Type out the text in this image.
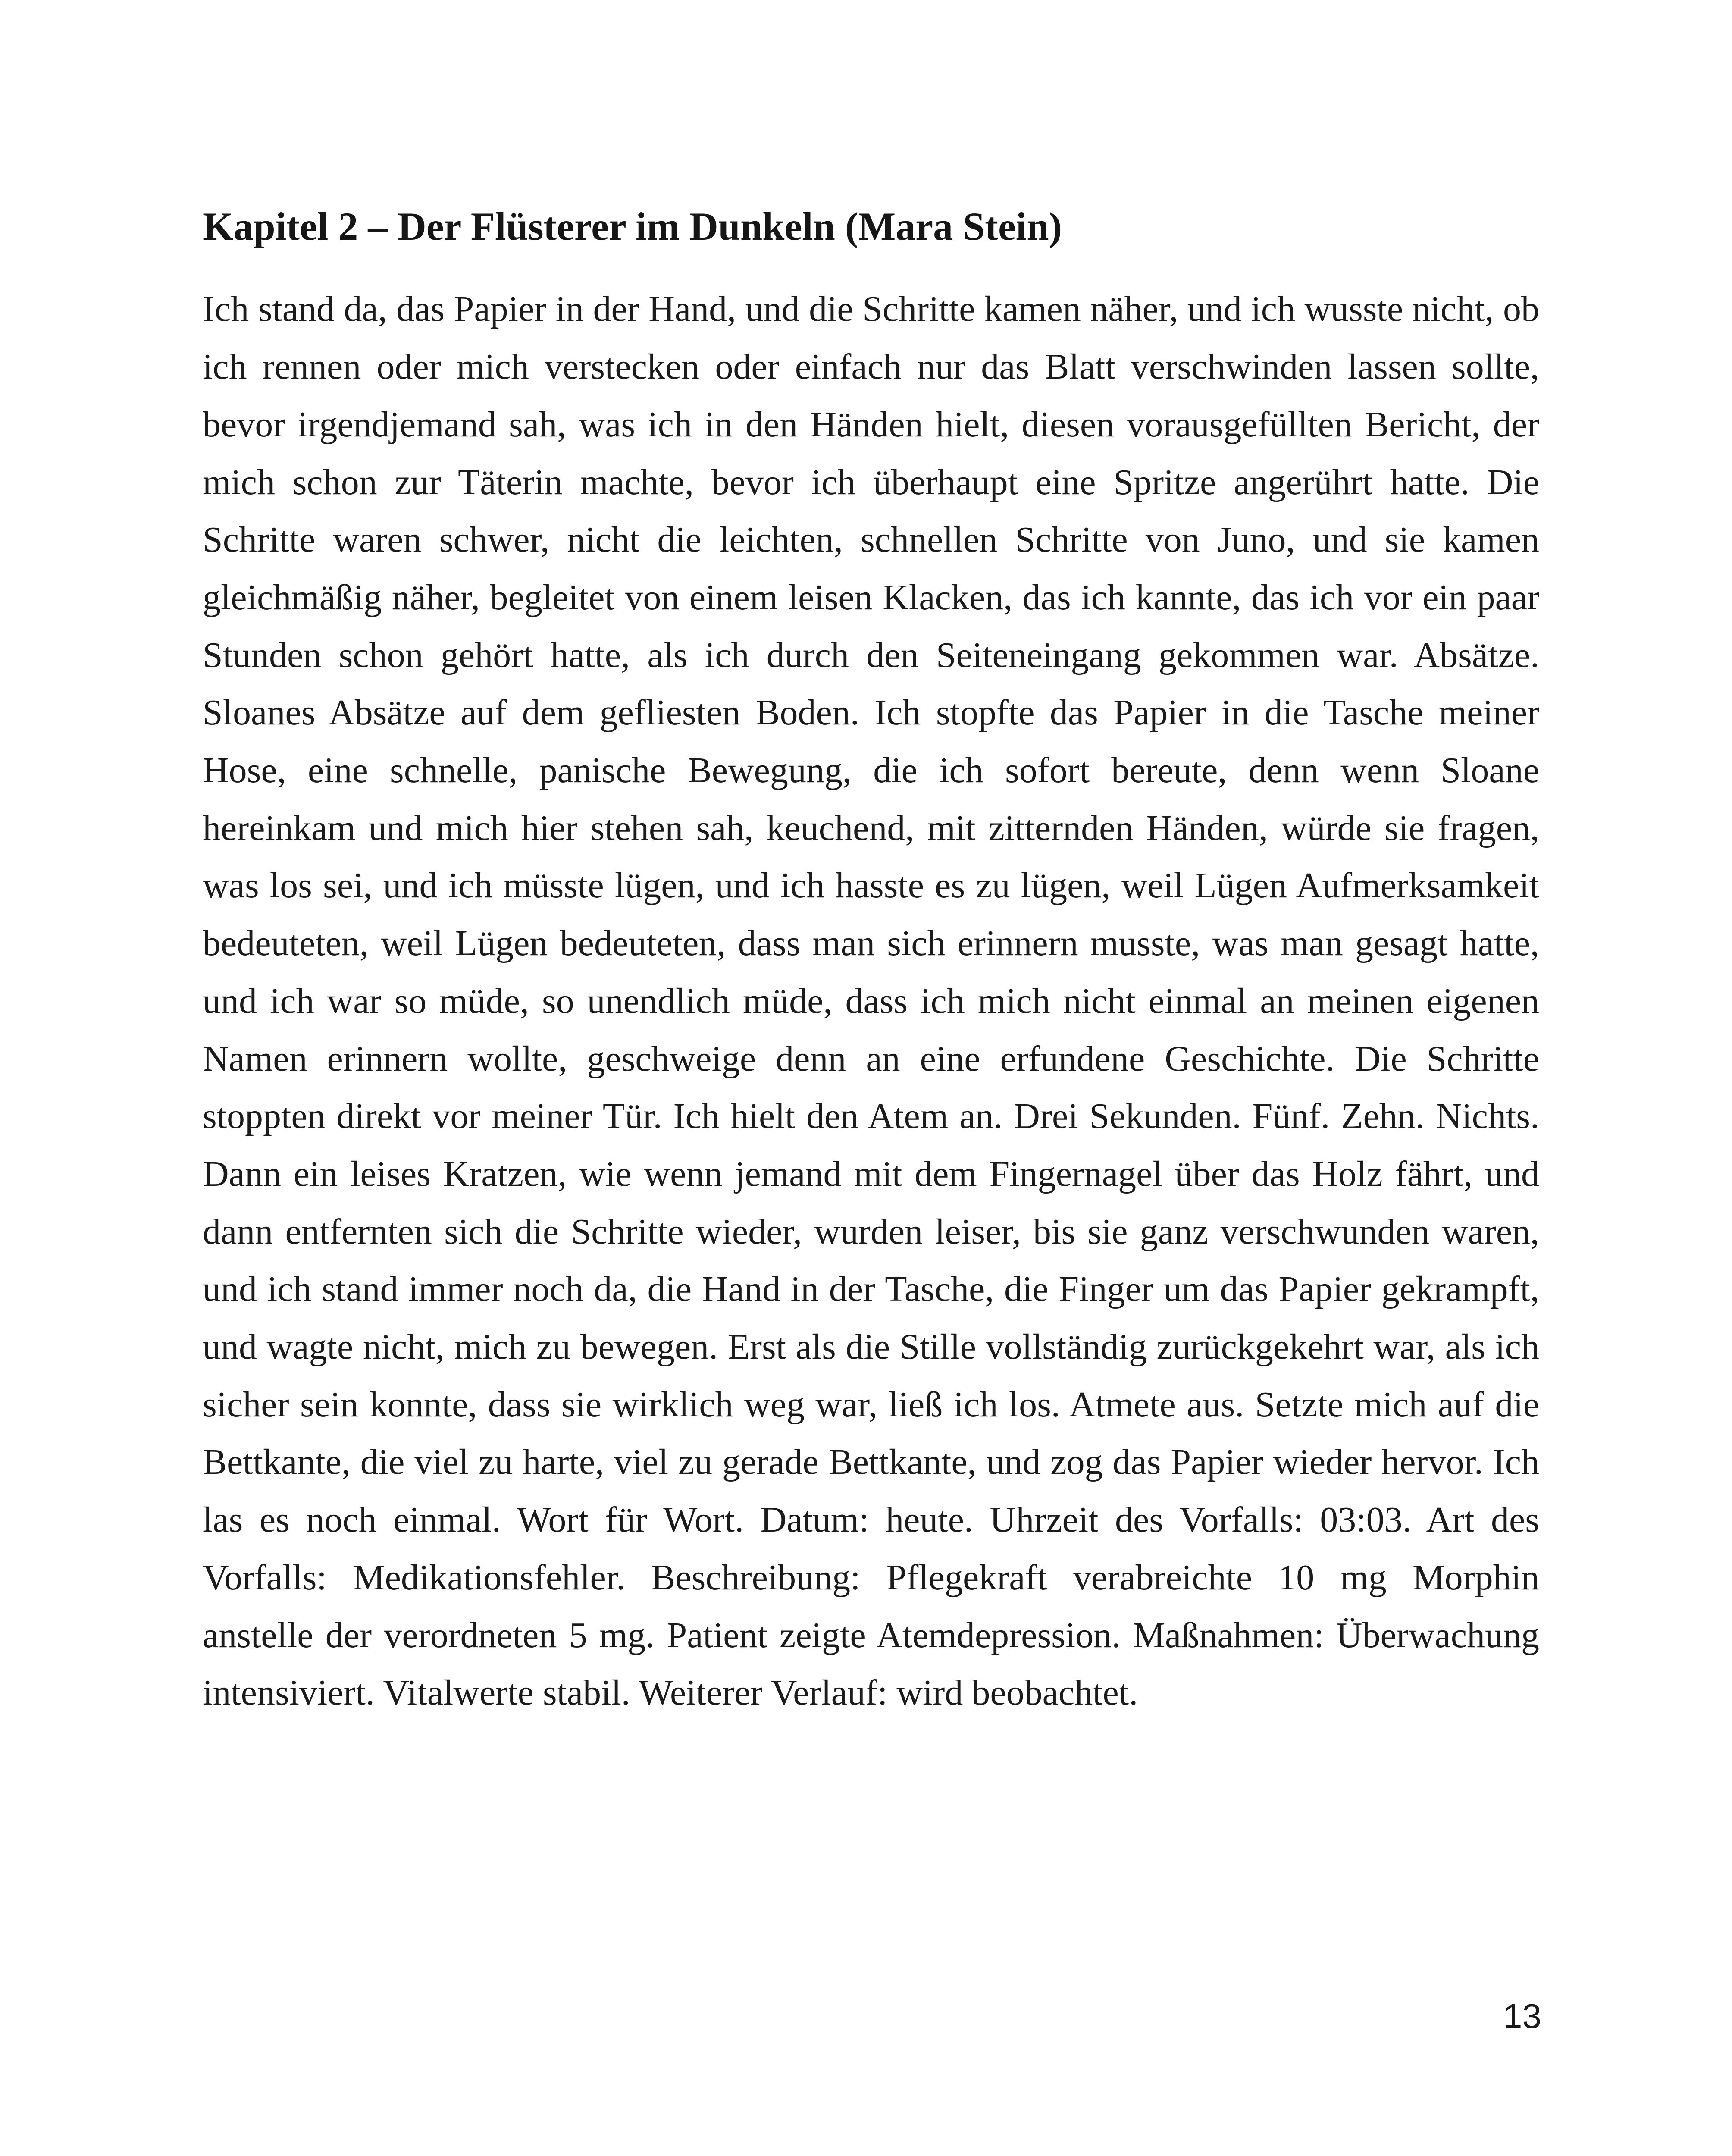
Kapitel 2 – Der Flüsterer im Dunkeln (Mara Stein)

Ich stand da, das Papier in der Hand, und die Schritte kamen näher, und ich wusste nicht, ob ich rennen oder mich verstecken oder einfach nur das Blatt verschwinden lassen sollte, bevor irgendjemand sah, was ich in den Händen hielt, diesen vorausgefüllten Bericht, der mich schon zur Täterin machte, bevor ich überhaupt eine Spritze angerührt hatte. Die Schritte waren schwer, nicht die leichten, schnellen Schritte von Juno, und sie kamen gleichmäßig näher, begleitet von einem leisen Klacken, das ich kannte, das ich vor ein paar Stunden schon gehört hatte, als ich durch den Seiteneingang gekommen war. Absätze. Sloanes Absätze auf dem gefliesten Boden. Ich stopfte das Papier in die Tasche meiner Hose, eine schnelle, panische Bewegung, die ich sofort bereute, denn wenn Sloane hereinkam und mich hier stehen sah, keuchend, mit zitternden Händen, würde sie fragen, was los sei, und ich müsste lügen, und ich hasste es zu lügen, weil Lügen Aufmerksamkeit bedeuteten, weil Lügen bedeuteten, dass man sich erinnern musste, was man gesagt hatte, und ich war so müde, so unendlich müde, dass ich mich nicht einmal an meinen eigenen Namen erinnern wollte, geschweige denn an eine erfundene Geschichte. Die Schritte stoppten direkt vor meiner Tür. Ich hielt den Atem an. Drei Sekunden. Fünf. Zehn. Nichts. Dann ein leises Kratzen, wie wenn jemand mit dem Fingernagel über das Holz fährt, und dann entfernten sich die Schritte wieder, wurden leiser, bis sie ganz verschwunden waren, und ich stand immer noch da, die Hand in der Tasche, die Finger um das Papier gekrampft, und wagte nicht, mich zu bewegen. Erst als die Stille vollständig zurückgekehrt war, als ich sicher sein konnte, dass sie wirklich weg war, ließ ich los. Atmete aus. Setzte mich auf die Bettkante, die viel zu harte, viel zu gerade Bettkante, und zog das Papier wieder hervor. Ich las es noch einmal. Wort für Wort. Datum: heute. Uhrzeit des Vorfalls: 03:03. Art des Vorfalls: Medikationsfehler. Beschreibung: Pflegekraft verabreichte 10 mg Morphin anstelle der verordneten 5 mg. Patient zeigte Atemdepression. Maßnahmen: Überwachung intensiviert. Vitalwerte stabil. Weiterer Verlauf: wird beobachtet.

13
